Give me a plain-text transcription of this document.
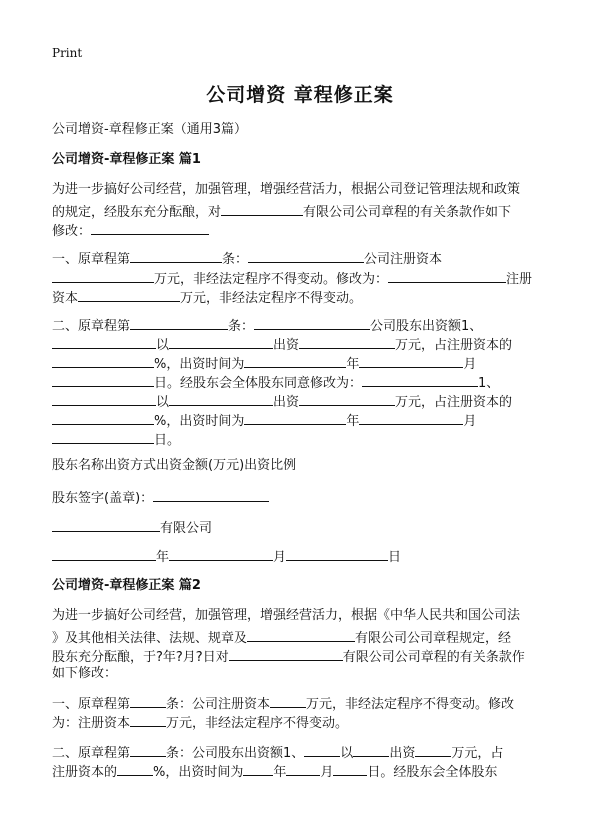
Print
公司增资 章程修正案
公司增资-章程修正案（通用3篇）
公司增资-章程修正案 篇1
为进一步搞好公司经营，加强管理，增强经营活力，根据公司登记管理法规和政策
的规定，经股东充分酝酿，对	有限公司公司章程的有关条款作如下
修改：
一、原章程第	条：	公司注册资本
万元，非经法定程序不得变动。修改为：	注册
资本	万元，非经法定程序不得变动。
二、原章程第	条：	公司股东出资额1、
以	出资	万元，占注册资本的
%，出资时间为	年	月
日。经股东会全体股东同意修改为：	1、
以	出资	万元，占注册资本的
%，出资时间为	年	月
日。
股东名称出资方式出资金额(万元)出资比例
股东签字(盖章)：
有限公司
年	月	日
公司增资-章程修正案 篇2
为进一步搞好公司经营，加强管理，增强经营活力，根据《中华人民共和国公司法
》及其他相关法律、法规、规章及	有限公司公司章程规定，经
股东充分酝酿，于?年?月?日对	有限公司公司章程的有关条款作
如下修改：
一、原章程第	条：公司注册资本	万元，非经法定程序不得变动。修改
为：注册资本	万元，非经法定程序不得变动。
二、原章程第	条：公司股东出资额1、	以	出资	万元，占
注册资本的	%，出资时间为 年	月	日。经股东会全体股东
